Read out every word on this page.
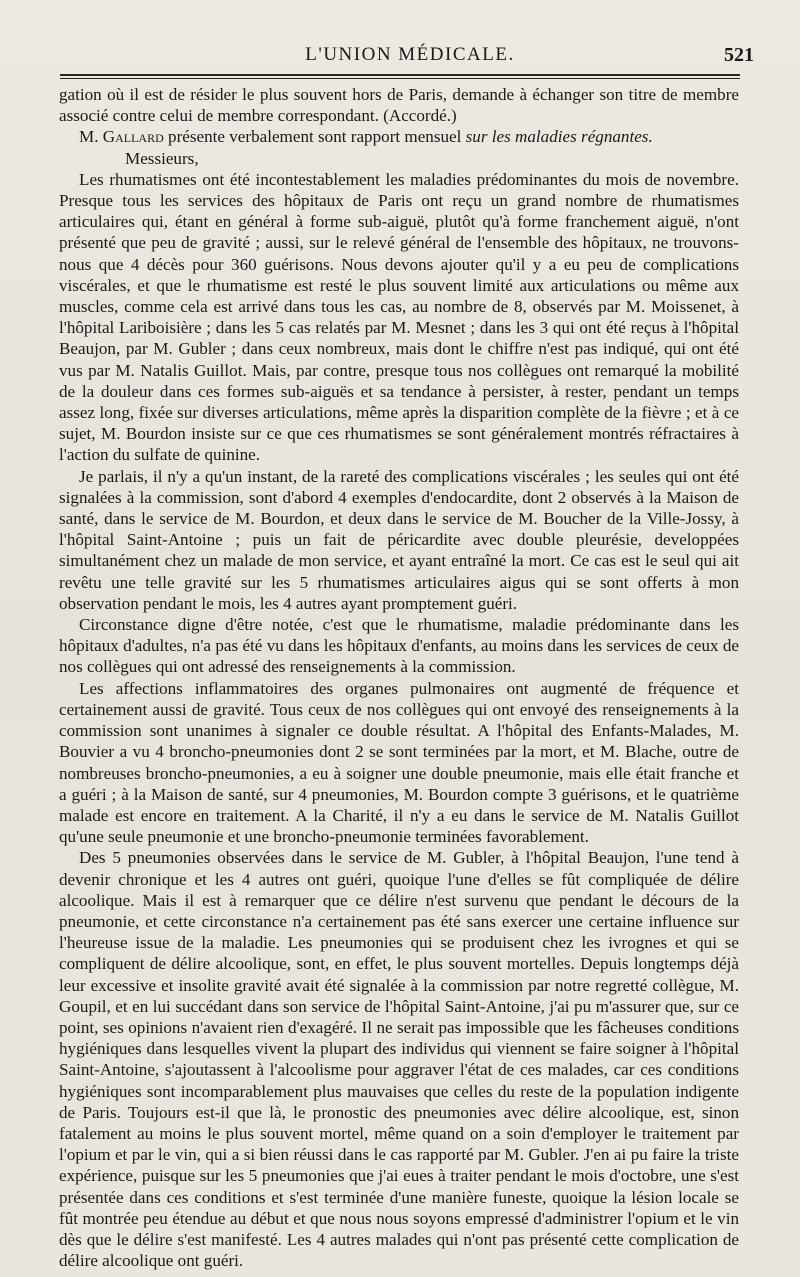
L'UNION MÉDICALE.	521

gation où il est de résider le plus souvent hors de Paris, demande à échanger son titre de membre associé contre celui de membre correspondant. (Accordé.)

M. Gallard présente verbalement sont rapport mensuel sur les maladies régnantes.

Messieurs,

Les rhumatismes ont été incontestablement les maladies prédominantes du mois de novembre. Presque tous les services des hôpitaux de Paris ont reçu un grand nombre de rhumatismes articulaires qui, étant en général à forme sub-aiguë, plutôt qu'à forme franchement aiguë, n'ont présenté que peu de gravité ; aussi, sur le relevé général de l'ensemble des hôpitaux, ne trouvons-nous que 4 décès pour 360 guérisons. Nous devons ajouter qu'il y a eu peu de complications viscérales, et que le rhumatisme est resté le plus souvent limité aux articulations ou même aux muscles, comme cela est arrivé dans tous les cas, au nombre de 8, observés par M. Moissenet, à l'hôpital Lariboisière ; dans les 5 cas relatés par M. Mesnet ; dans les 3 qui ont été reçus à l'hôpital Beaujon, par M. Gubler ; dans ceux nombreux, mais dont le chiffre n'est pas indiqué, qui ont été vus par M. Natalis Guillot. Mais, par contre, presque tous nos collègues ont remarqué la mobilité de la douleur dans ces formes sub-aiguës et sa tendance à persister, à rester, pendant un temps assez long, fixée sur diverses articulations, même après la disparition complète de la fièvre ; et à ce sujet, M. Bourdon insiste sur ce que ces rhumatismes se sont généralement montrés réfractaires à l'action du sulfate de quinine.

Je parlais, il n'y a qu'un instant, de la rareté des complications viscérales ; les seules qui ont été signalées à la commission, sont d'abord 4 exemples d'endocardite, dont 2 observés à la Maison de santé, dans le service de M. Bourdon, et deux dans le service de M. Boucher de la Ville-Jossy, à l'hôpital Saint-Antoine ; puis un fait de péricardite avec double pleurésie, developpées simultanément chez un malade de mon service, et ayant entraîné la mort. Ce cas est le seul qui ait revêtu une telle gravité sur les 5 rhumatismes articulaires aigus qui se sont offerts à mon observation pendant le mois, les 4 autres ayant promptement guéri.

Circonstance digne d'être notée, c'est que le rhumatisme, maladie prédominante dans les hôpitaux d'adultes, n'a pas été vu dans les hôpitaux d'enfants, au moins dans les services de ceux de nos collègues qui ont adressé des renseignements à la commission.

Les affections inflammatoires des organes pulmonaires ont augmenté de fréquence et certainement aussi de gravité. Tous ceux de nos collègues qui ont envoyé des renseignements à la commission sont unanimes à signaler ce double résultat. A l'hôpital des Enfants-Malades, M. Bouvier a vu 4 broncho-pneumonies dont 2 se sont terminées par la mort, et M. Blache, outre de nombreuses broncho-pneumonies, a eu à soigner une double pneumonie, mais elle était franche et a guéri ; à la Maison de santé, sur 4 pneumonies, M. Bourdon compte 3 guérisons, et le quatrième malade est encore en traitement. A la Charité, il n'y a eu dans le service de M. Natalis Guillot qu'une seule pneumonie et une broncho-pneumonie terminées favorablement.

Des 5 pneumonies observées dans le service de M. Gubler, à l'hôpital Beaujon, l'une tend à devenir chronique et les 4 autres ont guéri, quoique l'une d'elles se fût compliquée de délire alcoolique. Mais il est à remarquer que ce délire n'est survenu que pendant le décours de la pneumonie, et cette circonstance n'a certainement pas été sans exercer une certaine influence sur l'heureuse issue de la maladie. Les pneumonies qui se produisent chez les ivrognes et qui se compliquent de délire alcoolique, sont, en effet, le plus souvent mortelles. Depuis longtemps déjà leur excessive et insolite gravité avait été signalée à la commission par notre regretté collègue, M. Goupil, et en lui succédant dans son service de l'hôpital Saint-Antoine, j'ai pu m'assurer que, sur ce point, ses opinions n'avaient rien d'exagéré. Il ne serait pas impossible que les fâcheuses conditions hygiéniques dans lesquelles vivent la plupart des individus qui viennent se faire soigner à l'hôpital Saint-Antoine, s'ajoutassent à l'alcoolisme pour aggraver l'état de ces malades, car ces conditions hygiéniques sont incomparablement plus mauvaises que celles du reste de la population indigente de Paris. Toujours est-il que là, le pronostic des pneumonies avec délire alcoolique, est, sinon fatalement au moins le plus souvent mortel, même quand on a soin d'employer le traitement par l'opium et par le vin, qui a si bien réussi dans le cas rapporté par M. Gubler. J'en ai pu faire la triste expérience, puisque sur les 5 pneumonies que j'ai eues à traiter pendant le mois d'octobre, une s'est présentée dans ces conditions et s'est terminée d'une manière funeste, quoique la lésion locale se fût montrée peu étendue au début et que nous nous soyons empressé d'administrer l'opium et le vin dès que le délire s'est manifesté. Les 4 autres malades qui n'ont pas présenté cette complication de délire alcoolique ont guéri.
